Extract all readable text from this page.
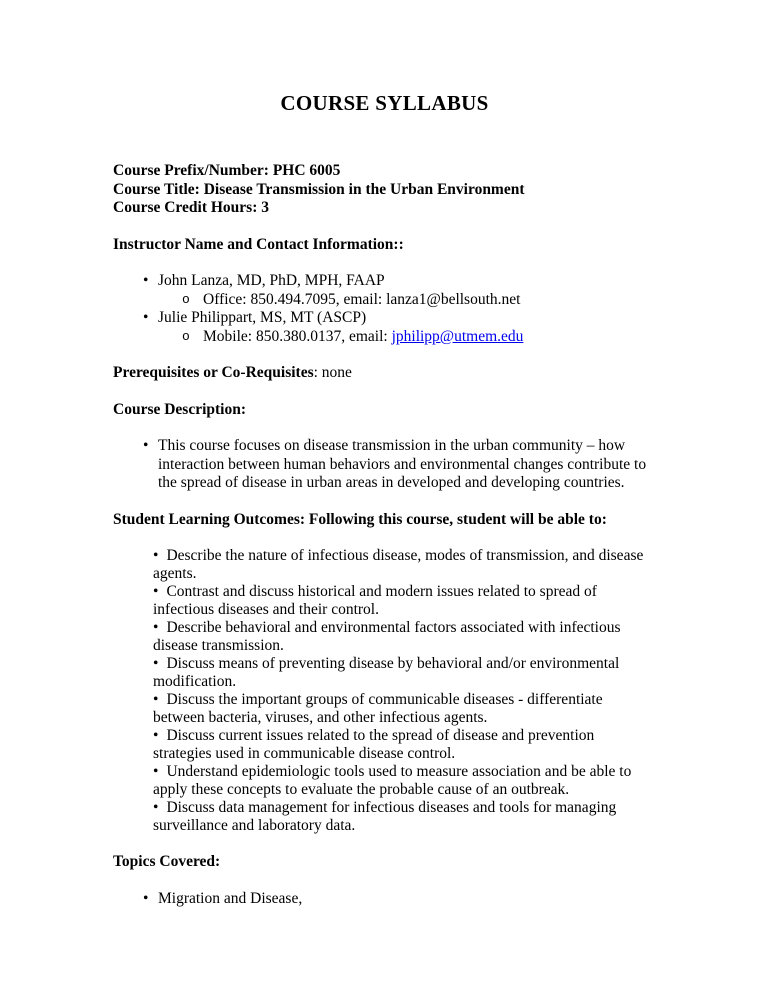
COURSE SYLLABUS

Course Prefix/Number: PHC 6005

Course Title: Disease Transmission in the Urban Environment

Course Credit Hours: 3

Instructor Name and Contact Information::

• John Lanza, MD, PhD, MPH, FAAP

o Office: 850.494.7095, email: lanza1@bellsouth.net

• Julie Philippart, MS, MT (ASCP)

o Mobile: 850.380.0137, email: jphilipp@utmem.edu

Prerequisites or Co-Requisites: none

Course Description:

• This course focuses on disease transmission in the urban community – how interaction between human behaviors and environmental changes contribute to the spread of disease in urban areas in developed and developing countries.

Student Learning Outcomes: Following this course, student will be able to:

• Describe the nature of infectious disease, modes of transmission, and disease agents.

• Contrast and discuss historical and modern issues related to spread of infectious diseases and their control.

• Describe behavioral and environmental factors associated with infectious disease transmission.

• Discuss means of preventing disease by behavioral and/or environmental modification.

• Discuss the important groups of communicable diseases - differentiate between bacteria, viruses, and other infectious agents.

• Discuss current issues related to the spread of disease and prevention strategies used in communicable disease control.

• Understand epidemiologic tools used to measure association and be able to apply these concepts to evaluate the probable cause of an outbreak.

• Discuss data management for infectious diseases and tools for managing surveillance and laboratory data.

Topics Covered:

• Migration and Disease,
